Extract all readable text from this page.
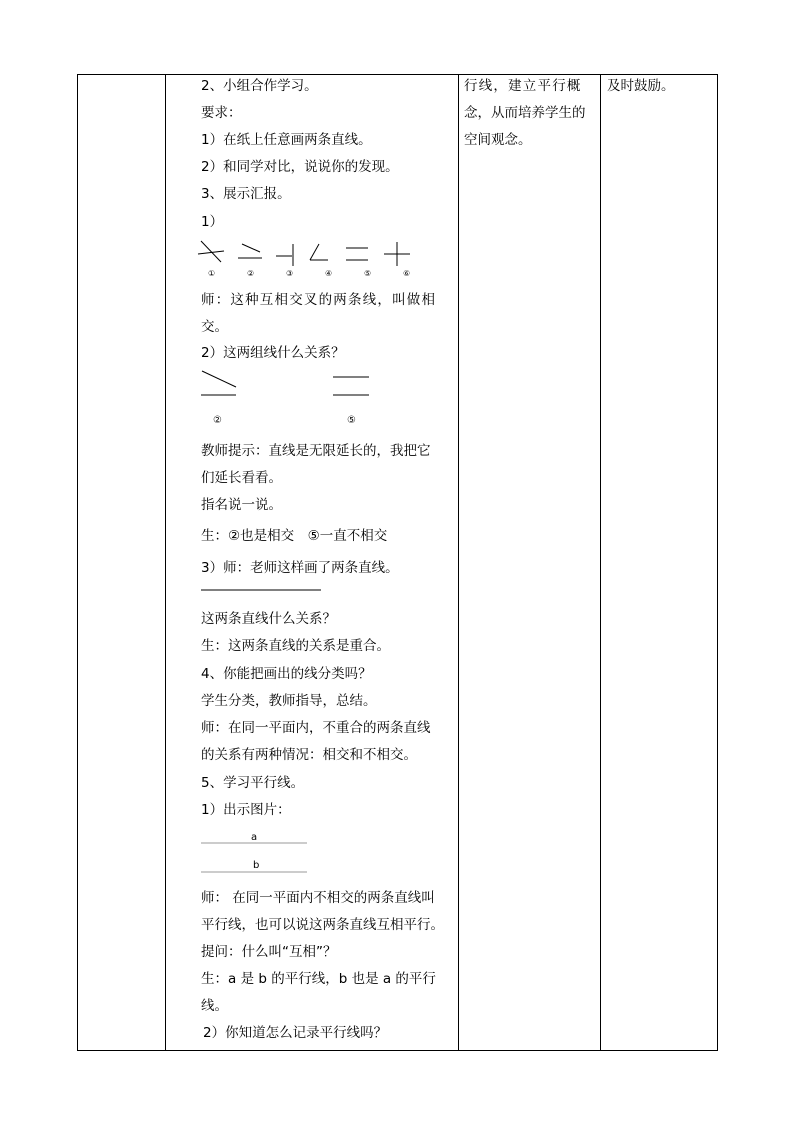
2、小组合作学习。
要求：
1）在纸上任意画两条直线。
2）和同学对比，说说你的发现。
3、展示汇报。
1）
①	②	③	④	⑤	⑥
师：这种互相交叉的两条线，叫做相
交。
2）这两组线什么关系？
②	⑤
教师提示：直线是无限延长的，我把它
们延长看看。
指名说一说。
生：②也是相交　⑤一直不相交
3）师：老师这样画了两条直线。
这两条直线什么关系？
生：这两条直线的关系是重合。
4、你能把画出的线分类吗？
学生分类，教师指导，总结。
师：在同一平面内，不重合的两条直线
的关系有两种情况：相交和不相交。
5、学习平行线。
1）出示图片：
a
b
师： 在同一平面内不相交的两条直线叫
平行线，也可以说这两条直线互相平行。
提问：什么叫“互相”？
生：a 是 b 的平行线，b 也是 a 的平行
线。
2）你知道怎么记录平行线吗？
行线，建立平行概
念，从而培养学生的
空间观念。
及时鼓励。
